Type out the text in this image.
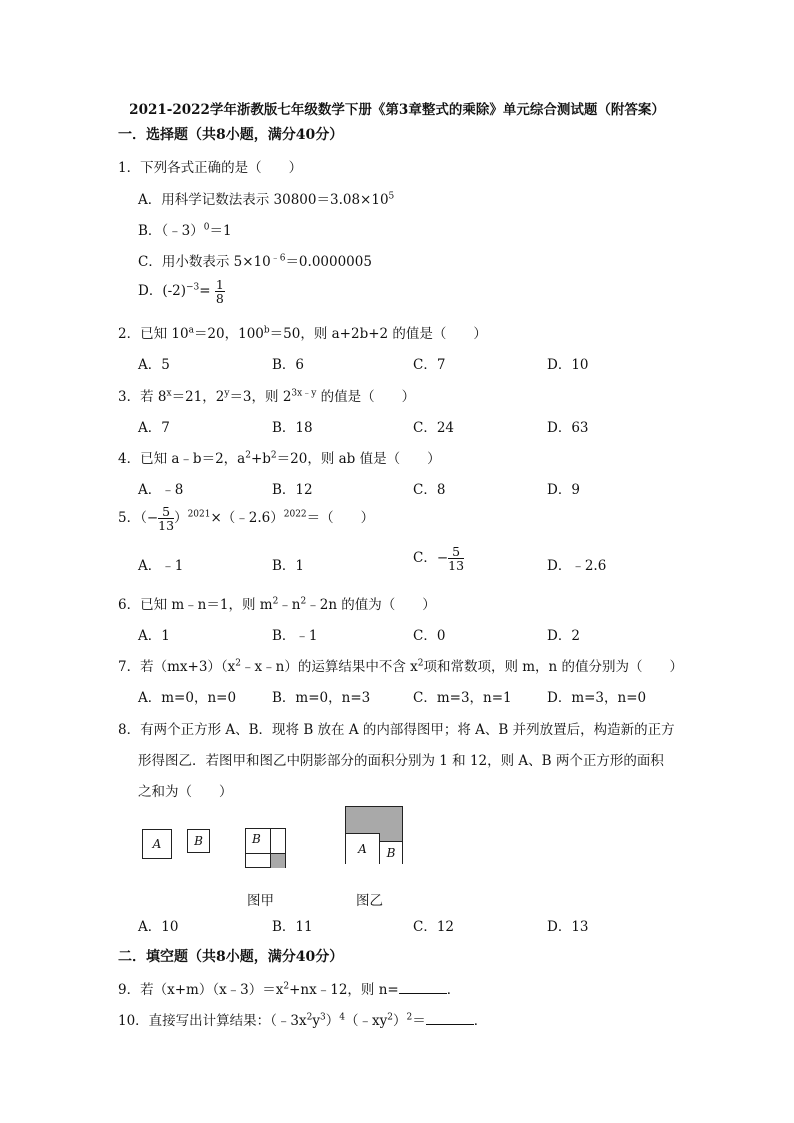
2021-2022学年浙教版七年级数学下册《第3章整式的乘除》单元综合测试题（附答案）
一．选择题（共8小题，满分40分）
1．下列各式正确的是（　　）
A．用科学记数法表示 $30800=3.08\times 10^5$
B．（﹣3）$^0$＝1
C．用小数表示 $5\times 10^{﹣6}=0.0000005$
D．$(-2)^{-3}= \frac{1}{8}$
2．已知 $10^a=20$，$100^b=50$，则 a+2b+2 的值是（　　）
A．5	B．6	C．7	D．10
3．若 $8^x=21$，$2^y=3$，则 $2^{3x﹣y}$ 的值是（　　）
A．7	B．18	C．24	D．63
4．已知 a﹣b＝2，$a^2+b^2=20$，则 ab 值是（　　）
A．﹣8	B．12	C．8	D．9
5．（− $\frac{5}{13}$ ）$^{2021}$×（﹣2.6）$^{2022}$＝（　　）
A．﹣1	B．1	C．− $\frac{5}{13}$	D．﹣2.6
6．已知 m﹣n＝1，则 $m^2﹣n^2﹣2n$ 的值为（　　）
A．1	B．﹣1	C．0	D．2
7．若$(mx+3)(x^2﹣x﹣n)$的运算结果中不含 $x^2$项和常数项，则 m，n 的值分别为（　　）
A．m=0，n=0	B．m=0，n=3	C．m=3，n=1	D．m=3，n=0
8．有两个正方形 A、B．现将 B 放在 A 的内部得图甲；将 A、B 并列放置后，构造新的正方
形得图乙．若图甲和图乙中阴影部分的面积分别为 1 和 12，则 A、B 两个正方形的面积
之和为（　　）
A	B	B
图甲
A	B
图乙
A．10	B．11	C．12	D．13
二．填空题（共8小题，满分40分）
9．若$(x+m)(x﹣3)=x^2+nx﹣12$，则 n=	．
10．直接写出计算结果：$(﹣3x^2y^3)^4(﹣xy^2)^2=$	．
